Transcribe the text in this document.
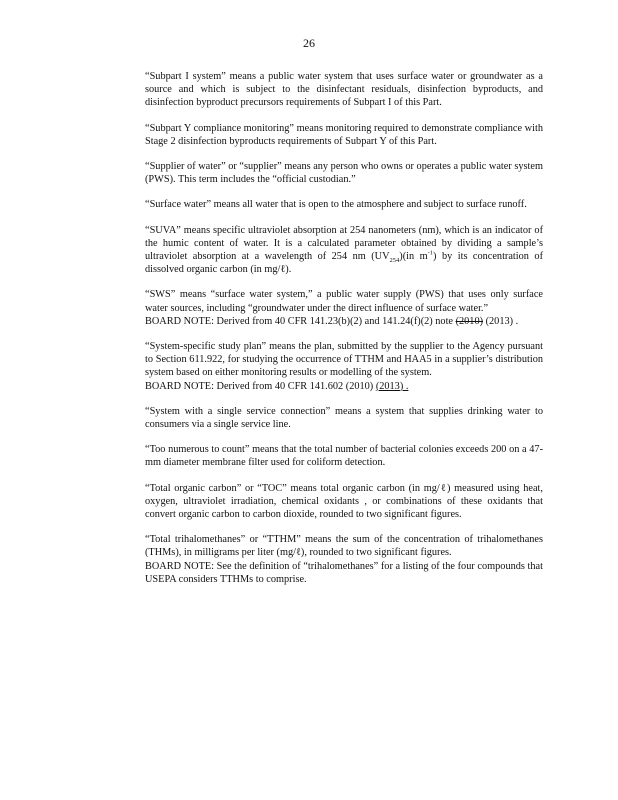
26

“Subpart I system” means a public water system that uses surface water or groundwater as a source and which is subject to the disinfectant residuals, disinfection byproducts, and disinfection byproduct precursors requirements of Subpart I of this Part.

“Subpart Y compliance monitoring” means monitoring required to demonstrate compliance with Stage 2 disinfection byproducts requirements of Subpart Y of this Part.

“Supplier of water” or “supplier” means any person who owns or operates a public water system (PWS). This term includes the “official custodian.”

“Surface water” means all water that is open to the atmosphere and subject to surface runoff.

“SUVA” means specific ultraviolet absorption at 254 nanometers (nm), which is an indicator of the humic content of water. It is a calculated parameter obtained by dividing a sample’s ultraviolet absorption at a wavelength of 254 nm $(UV_{254})(in$ $m^{-1}$) by its concentration of dissolved organic carbon (in mg/ℓ).

“SWS” means “surface water system,” a public water supply (PWS) that uses only surface water sources, including “groundwater under the direct influence of surface water.”

BOARD NOTE: Derived from 40 CFR 141.23(b)(2) and 141.24(f)(2) note (2010) (2013) .

“System-specific study plan” means the plan, submitted by the supplier to the Agency pursuant to Section 611.922, for studying the occurrence of TTHM and HAA5 in a supplier’s distribution system based on either monitoring results or modelling of the system.

BOARD NOTE: Derived from 40 CFR 141.602 (2010) (2013) .

“System with a single service connection” means a system that supplies drinking water to consumers via a single service line.

“Too numerous to count” means that the total number of bacterial colonies exceeds 200 on a 47-mm diameter membrane filter used for coliform detection.

“Total organic carbon” or “TOC” means total organic carbon (in mg/ℓ) measured using heat, oxygen, ultraviolet irradiation, chemical oxidants , or combinations of these oxidants that convert organic carbon to carbon dioxide, rounded to two significant figures.

“Total trihalomethanes” or “TTHM” means the sum of the concentration of trihalomethanes (THMs), in milligrams per liter (mg/ℓ), rounded to two significant figures.

BOARD NOTE: See the definition of “trihalomethanes” for a listing of the four compounds that USEPA considers TTHMs to comprise.
